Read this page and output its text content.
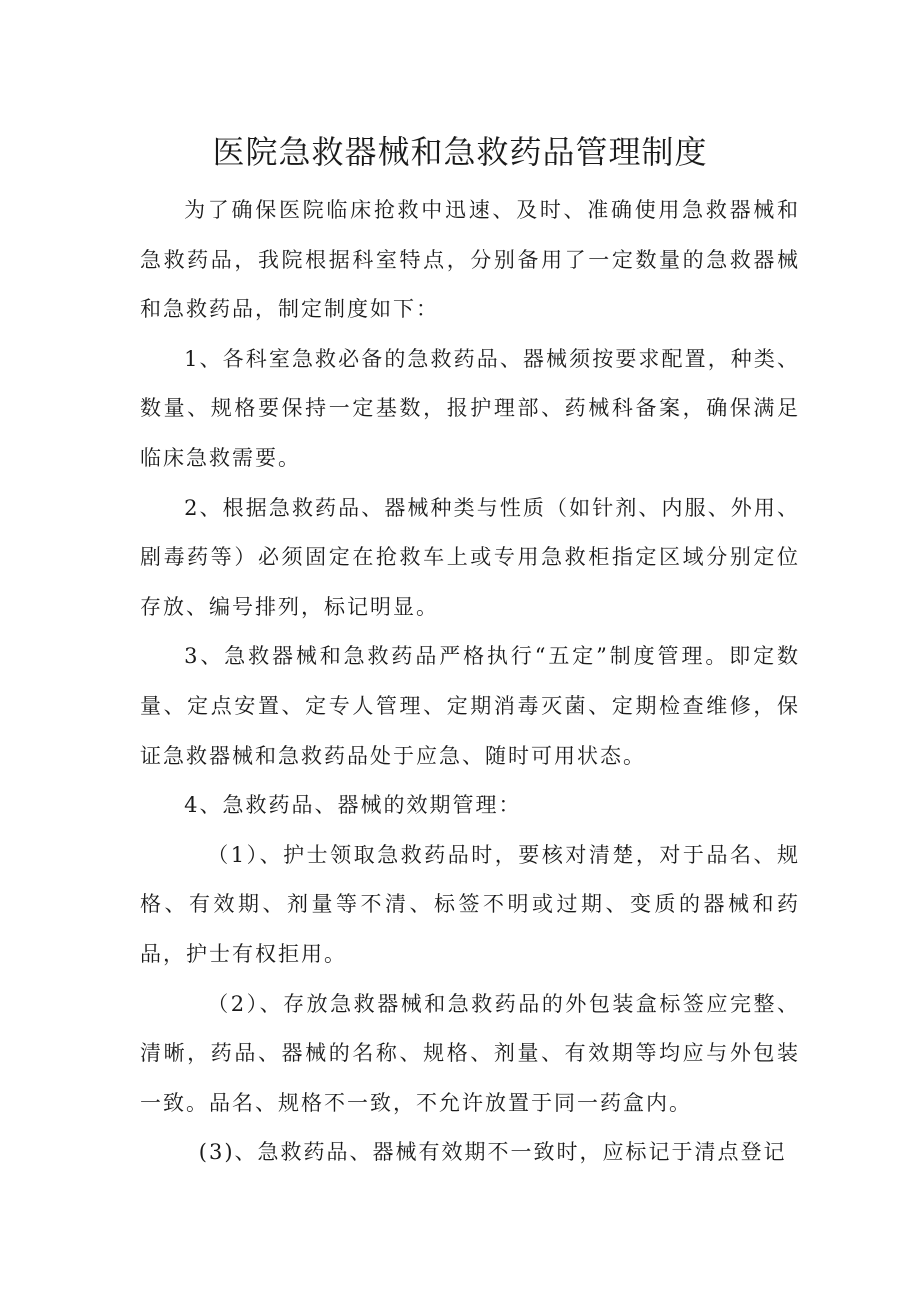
医院急救器械和急救药品管理制度

为了确保医院临床抢救中迅速、及时、准确使用急救器械和急救药品，我院根据科室特点，分别备用了一定数量的急救器械和急救药品，制定制度如下：

1、各科室急救必备的急救药品、器械须按要求配置，种类、数量、规格要保持一定基数，报护理部、药械科备案，确保满足临床急救需要。

2、根据急救药品、器械种类与性质（如针剂、内服、外用、剧毒药等）必须固定在抢救车上或专用急救柜指定区域分别定位存放、编号排列，标记明显。

3、急救器械和急救药品严格执行“五定”制度管理。即定数量、定点安置、定专人管理、定期消毒灭菌、定期检查维修，保证急救器械和急救药品处于应急、随时可用状态。

4、急救药品、器械的效期管理：

（1）、护士领取急救药品时，要核对清楚，对于品名、规格、有效期、剂量等不清、标签不明或过期、变质的器械和药品，护士有权拒用。

（2）、存放急救器械和急救药品的外包装盒标签应完整、清晰，药品、器械的名称、规格、剂量、有效期等均应与外包装一致。品名、规格不一致，不允许放置于同一药盒内。

(3)、急救药品、器械有效期不一致时，应标记于清点登记
